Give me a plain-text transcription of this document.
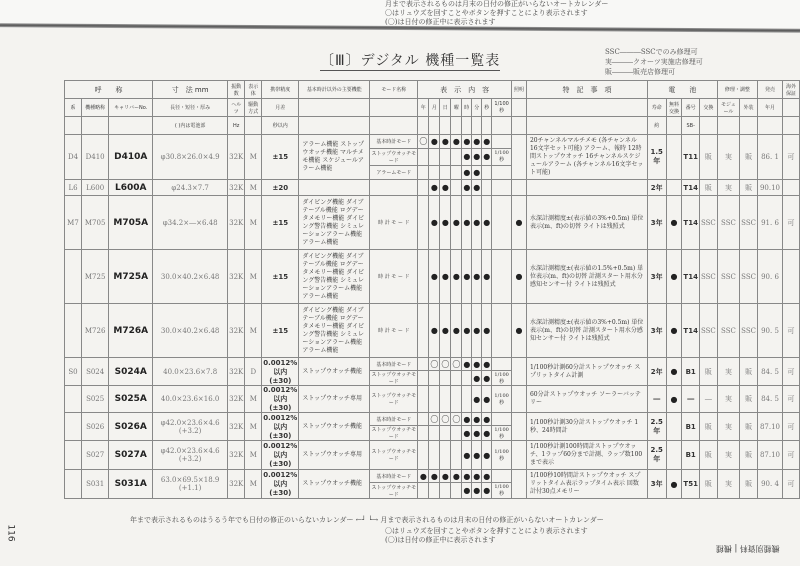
月まで表示されるものは月末の日付の修正がいらないオートカレンダー
〇はリュウズを回すことやボタンを押すことにより表示されます
(〇)は日付の修正中に表示されます
〔Ⅲ〕デジタル 機種一覧表
SSC―――SSCでのみ修理可
実―――クオーツ実施店修理可
販―――販売店修理可
呼　　称			寸　法 mm	振動数	表示体	携帯精度	基本時計以外の主要機能	モード名称	表　示　内　容								照明	特　記　事　項	電　　池				修理・調整		発売	海外保証
系	機種略称	キャリバーNo.	長径・短径・厚み	ヘルツ	駆動方式	月差			年	月	日	曜	時	分	秒	1/100秒			寿命	無料交換	番号	交換	モジュール	外装	年月	
			( )内は電池部	Hz		秒以内													約		SB-					
D4	D410	D410A	φ30.8×26.0×4.9	32K	M	±15	アラーム機能 ストップウオッチ機能 マルチメモ機能 スケジュールアラーム機能	基本時計モード	〇	●	●	●	●	●	●			20チャンネルマルチメモ (各チャンネル16文字セット可能) アラーム、報時 12時間ストップウオッチ 16チャンネルスケジュールアラーム (各チャンネル16文字セット可能)	1.5年		T11	販	実	販	86. 1	可
								ストップウオッチモード					●	●	●	1/100秒										
								アラームモード					●	●												
L6	L600	L600A	φ24.3×7.7	32K	M	±20				●	●		●	●					2年		T14	販	実	販	90.10	
M7	M705	M705A	φ34.2×―×6.48	32K	M	±15	ダイビング機能 ダイブテーブル機能 ログデータメモリー機能 ダイビング警告機能 シミュレーションアラーム機能 アラーム機能	時 計 モ ー ド		●	●	●	●	●	●		●	水深計測精度±(表示値の3%+0.5m) 単位表示(m、ft)の切替 ライトは残照式	3年	●	T14	SSC	SSC	SSC	91. 6	可
	M725	M725A	30.0×40.2×6.48	32K	M	±15	ダイビング機能 ダイブテーブル機能 ログデータメモリー機能 ダイビング警告機能 シミュレーションアラーム機能 アラーム機能	時 計 モ ー ド		●	●	●	●	●	●		●	水深計測精度±(表示値の1.5%+0.5m) 単位表示(m、ft)の切替 計測スタート用水分感知センサー付 ライトは残照式	3年	●	T14	SSC	SSC	SSC	90. 6	
	M726	M726A	30.0×40.2×6.48	32K	M	±15	ダイビング機能 ダイブテーブル機能 ログデータメモリー機能 ダイビング警告機能 シミュレーションアラーム機能 アラーム機能	時 計 モ ー ド		●	●	●	●	●	●		●	水深計測精度±(表示値の3%+0.5m) 単位表示(m、ft)の切替 計測スタート用水分感知センサー付 ライトは残照式	3年	●	T14	SSC	SSC	SSC	90. 5	可
S0	S024	S024A	40.0×23.6×7.8	32K	D	0.0012% 以内(±30)	ストップウオッチ機能	基本時計モード		〇	〇	〇	●	●	●			1/100秒計測60分計ストップウオッチ スプリットタイム計測	2年	●	B1	販	実	販	84. 5	可
								ストップウオッチモード						●	●	1/100秒										
	S025	S025A	40.0×23.6×16.0	32K	M	0.0012% 以内(±30)	ストップウオッチ専用	ストップウオッチモード						●	●	1/100秒		60分計ストップウオッチ ソーラーバッテリー	―	●	―	―	実	販	84. 5	可
	S026	S026A	φ42.0×23.6×4.6 (+3.2)	32K	M	0.0012% 以内(±30)	ストップウオッチ機能	基本時計モード		〇	〇	〇	●	●	●			1/100秒計測30分計ストップウオッチ 1秒、24時間計	2.5年		B1	販	実	販	87.10	可
								ストップウオッチモード					●	●	●	1/100秒										
	S027	S027A	φ42.0×23.6×4.6 (+3.2)	32K	M	0.0012% 以内(±30)	ストップウオッチ専用	ストップウオッチモード					●	●	●	1/100秒		1/100秒計測100時間計ストップウオッチ、1ラップ60分まで計測、ラップ数100まで表示	2.5年		B1	販	実	販	87.10	可
	S031	S031A	63.0×69.5×18.9 (+1.1)	32K	M	0.0012% 以内(±30)	ストップウオッチ機能	基本時計モード	●	●	●	●	●	●	●			1/100秒10時間計ストップウオッチ スプリットタイム表示ラップタイム表示 回数計付30点メモリー	3年	●	T51	販	実	販	90. 4	可
								ストップウオッチモード					●	●	●	1/100秒										
年まで表示されるものはうるう年でも日付の修正のいらないカレンダー ←┘ └→ 月まで表示されるものは月末の日付の修正がいらないオートカレンダー
〇はリュウズを回すことやボタンを押すことにより表示されます
(〇)は日付の修正中に表示されます
116
機種別資料 | 機種
